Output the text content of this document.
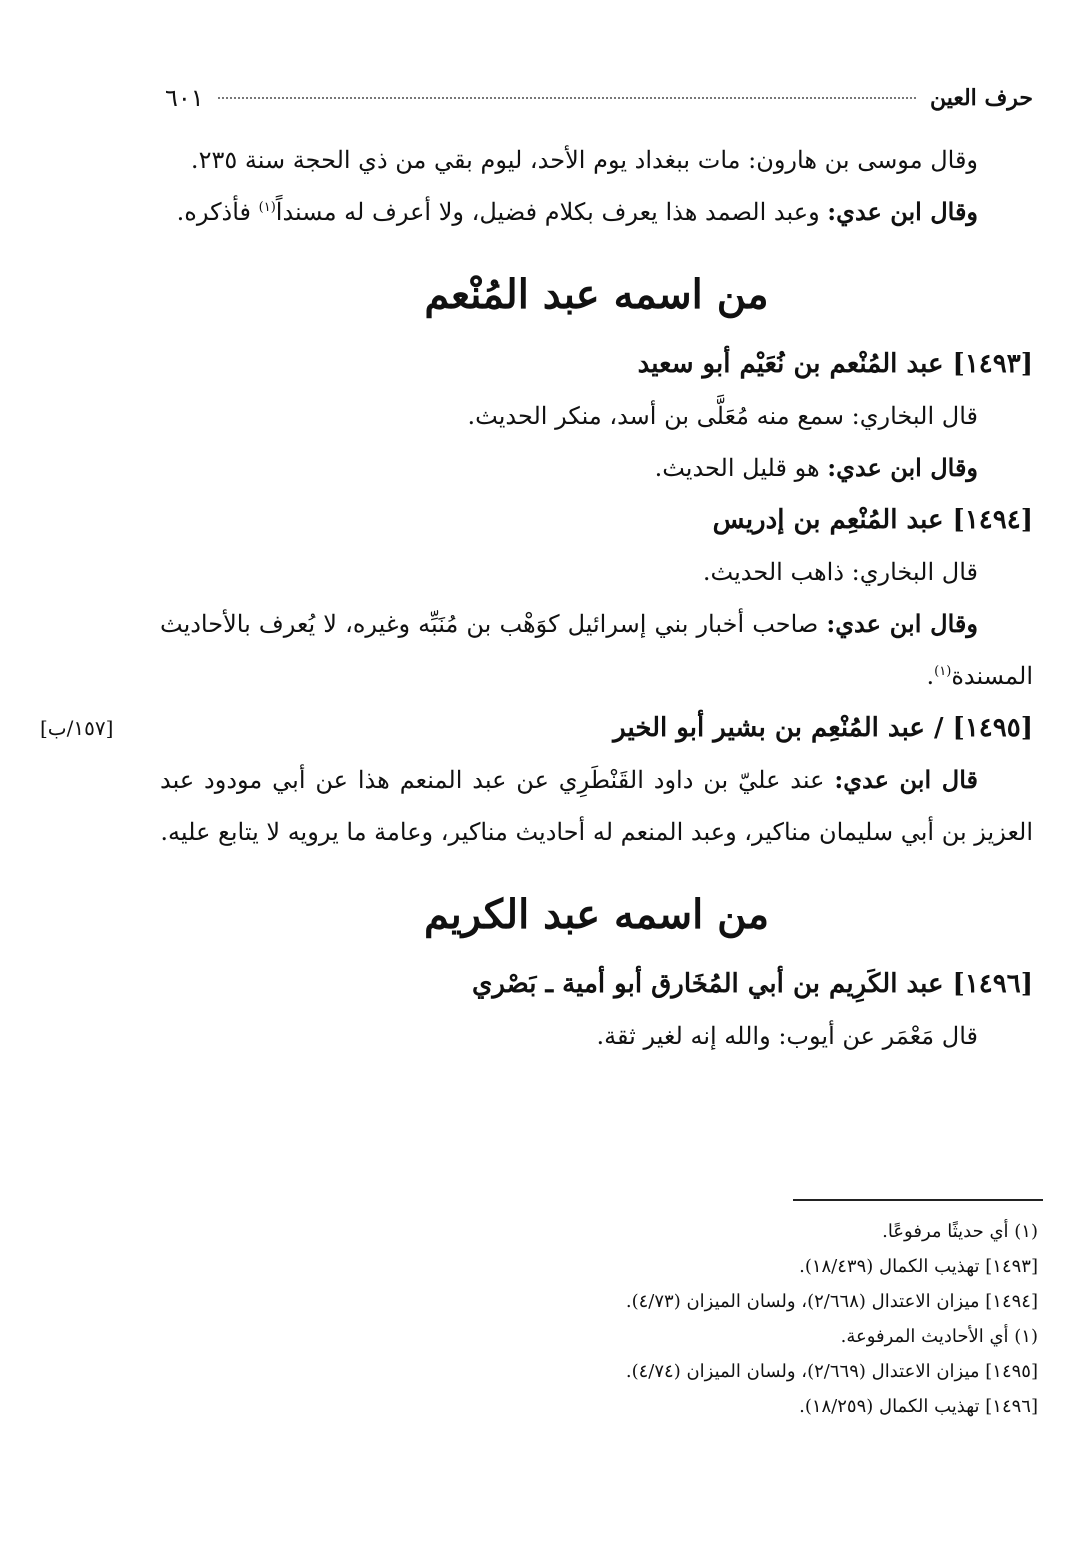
حرف العين
٦٠١

وقال موسى بن هارون: مات ببغداد يوم الأحد، ليوم بقي من ذي الحجة سنة ٢٣٥.

وقال ابن عدي: وعبد الصمد هذا يعرف بكلام فضيل، ولا أعرف له مسنداً$^{(١)}$ فأذكره.

من اسمه عبد المُنْعم

[١٤٩٣] عبد المُنْعم بن نُعَيْم أبو سعيد

قال البخاري: سمع منه مُعَلَّى بن أسد، منكر الحديث.

وقال ابن عدي: هو قليل الحديث.

[١٤٩٤] عبد المُنْعِم بن إدريس

قال البخاري: ذاهب الحديث.

وقال ابن عدي: صاحب أخبار بني إسرائيل كوَهْب بن مُنَبِّه وغيره، لا يُعرف بالأحاديث المسندة$^{(١)}$.

[١٤٩٥] / عبد المُنْعِم بن بشير أبو الخير
[١٥٧/ب]

قال ابن عدي: عند عليّ بن داود القَنْطَرِي عن عبد المنعم هذا عن أبي مودود عبد العزيز بن أبي سليمان مناكير، وعبد المنعم له أحاديث مناكير، وعامة ما يرويه لا يتابع عليه.

من اسمه عبد الكريم

[١٤٩٦] عبد الكَرِيم بن أبي المُخَارق أبو أمية ـ بَصْري

قال مَعْمَر عن أيوب: والله إنه لغير ثقة.

(١) أي حديثًا مرفوعًا.
[١٤٩٣] تهذيب الكمال (١٨/٤٣٩).
[١٤٩٤] ميزان الاعتدال (٢/٦٦٨)، ولسان الميزان (٤/٧٣).
(١) أي الأحاديث المرفوعة.
[١٤٩٥] ميزان الاعتدال (٢/٦٦٩)، ولسان الميزان (٤/٧٤).
[١٤٩٦] تهذيب الكمال (١٨/٢٥٩).
